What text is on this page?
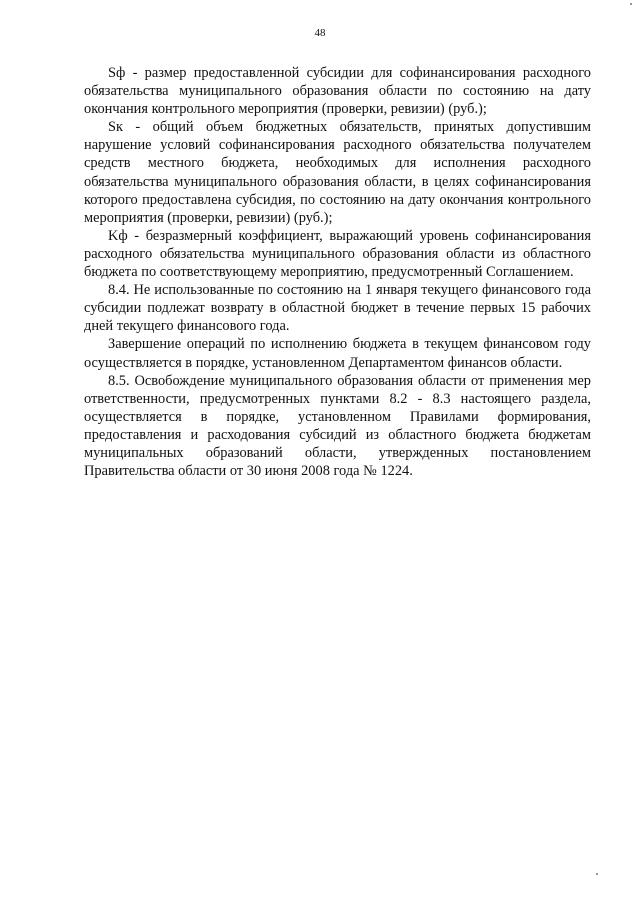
48

Sф - размер предоставленной субсидии для софинансирования расходного обязательства муниципального образования области по состоянию на дату окончания контрольного мероприятия (проверки, ревизии) (руб.);

Sк - общий объем бюджетных обязательств, принятых допустившим нарушение условий софинансирования расходного обязательства получателем средств местного бюджета, необходимых для исполнения расходного обязательства муниципального образования области, в целях софинансирования которого предоставлена субсидия, по состоянию на дату окончания контрольного мероприятия (проверки, ревизии) (руб.);

Kф - безразмерный коэффициент, выражающий уровень софинансирования расходного обязательства муниципального образования области из областного бюджета по соответствующему мероприятию, предусмотренный Соглашением.

8.4. Не использованные по состоянию на 1 января текущего финансового года субсидии подлежат возврату в областной бюджет в течение первых 15 рабочих дней текущего финансового года.

Завершение операций по исполнению бюджета в текущем финансовом году осуществляется в порядке, установленном Департаментом финансов области.

8.5. Освобождение муниципального образования области от применения мер ответственности, предусмотренных пунктами 8.2 - 8.3 настоящего раздела, осуществляется в порядке, установленном Правилами формирования, предоставления и расходования субсидий из областного бюджета бюджетам муниципальных образований области, утвержденных постановлением Правительства области от 30 июня 2008 года № 1224.
